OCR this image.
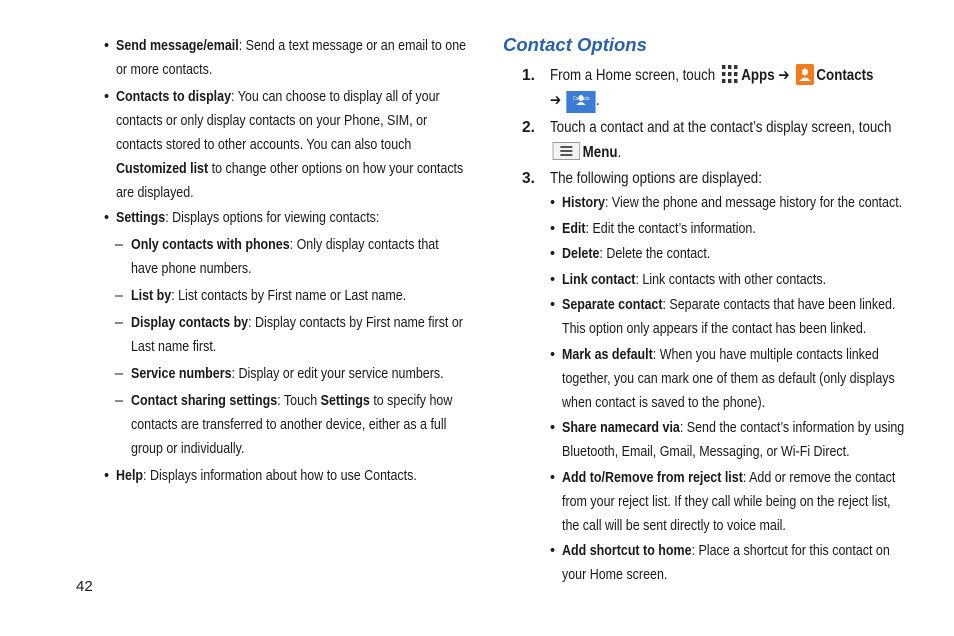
• Send message/email: Send a text message or an email to one or more contacts.
• Contacts to display: You can choose to display all of your contacts or only display contacts on your Phone, SIM, or contacts stored to other accounts. You can also touch Customized list to change other options on how your contacts are displayed.
• Settings: Displays options for viewing contacts:
– Only contacts with phones: Only display contacts that have phone numbers.
– List by: List contacts by First name or Last name.
– Display contacts by: Display contacts by First name first or Last name first.
– Service numbers: Display or edit your service numbers.
– Contact sharing settings: Touch Settings to specify how contacts are transferred to another device, either as a full group or individually.
• Help: Displays information about how to use Contacts.
Contact Options
1. From a Home screen, touch Apps ➔ Contacts
➔	Contacts .
2. Touch a contact and at the contact’s display screen, touch
Menu.
3. The following options are displayed:
• History: View the phone and message history for the contact.
• Edit: Edit the contact’s information.
• Delete: Delete the contact.
• Link contact: Link contacts with other contacts.
• Separate contact: Separate contacts that have been linked. This option only appears if the contact has been linked.
• Mark as default: When you have multiple contacts linked together, you can mark one of them as default (only displays when contact is saved to the phone).
• Share namecard via: Send the contact’s information by using Bluetooth, Email, Gmail, Messaging, or Wi-Fi Direct.
• Add to/Remove from reject list: Add or remove the contact from your reject list. If they call while being on the reject list, the call will be sent directly to voice mail.
• Add shortcut to home: Place a shortcut for this contact on your Home screen.
42
